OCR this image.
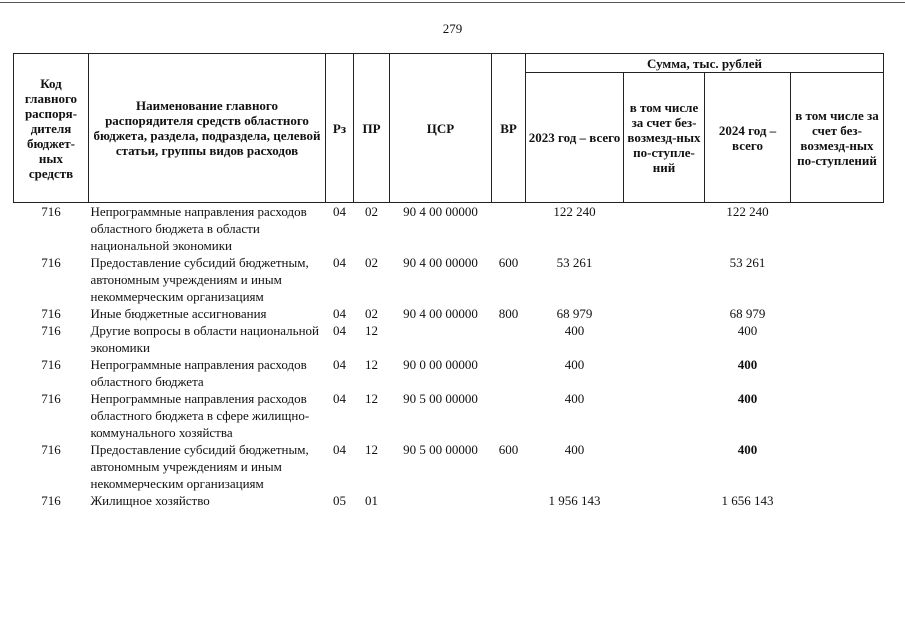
279
Код главного распоря-дителя бюджет-ных средств	Наименование главного распорядителя средств областного бюджета, раздела, подраздела, целевой статьи, группы видов расходов	Рз	ПР	ЦСР	ВР	Сумма, тыс. рублей			
						2023 год – всего	в том числе за счет без-возмезд-ных по-ступле-ний	2024 год – всего	в том числе за счет без-возмезд-ных по-ступлений
716	Непрограммные направления расходов областного бюджета в области национальной экономики	04	02	90 4 00 00000		122 240		122 240	
716	Предоставление субсидий бюджетным, автономным учреждениям и иным некоммерческим организациям	04	02	90 4 00 00000	600	53 261		53 261	
716	Иные бюджетные ассигнования	04	02	90 4 00 00000	800	68 979		68 979	
716	Другие вопросы в области национальной экономики	04	12			400		400	
716	Непрограммные направления расходов областного бюджета	04	12	90 0 00 00000		400		400	
716	Непрограммные направления расходов областного бюджета в сфере жилищно-коммунального хозяйства	04	12	90 5 00 00000		400		400	
716	Предоставление субсидий бюджетным, автономным учреждениям и иным некоммерческим организациям	04	12	90 5 00 00000	600	400		400	
716	Жилищное хозяйство	05	01			1 956 143		1 656 143	
